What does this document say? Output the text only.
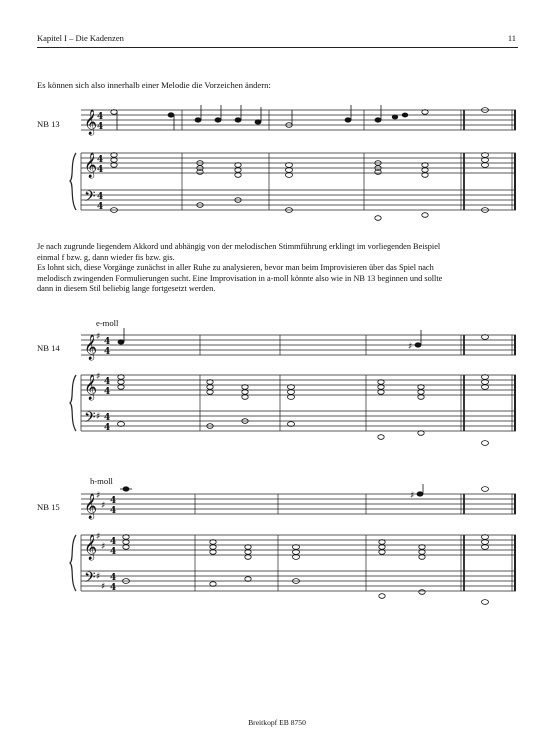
Kapitel I – Die Kadenzen	11
Es können sich also innerhalb einer Melodie die Vorzeichen ändern:
NB 13 𝄞
𝄞
𝄢
4
4
4
4
4
4

Je nach zugrunde liegendem Akkord und abhängig von der melodischen Stimmführung erklingt im vorliegenden Beispiel

einmal f bzw. g, dann wieder fis bzw. gis.

Es lohnt sich, diese Vorgänge zunächst in aller Ruhe zu analysieren, bevor man beim Improvisieren über das Spiel nach

melodisch zwingenden Formulierungen sucht. Eine Improvisation in a-moll könnte also wie in NB 13 beginnen und sollte

dann in diesem Stil beliebig lange fortgesetzt werden.

e-moll
NB 14 𝄞
𝄞
𝄢
♯
♯
♯
4
4
4
4
4
4
♯
h-moll
NB 15 𝄞
𝄞
𝄢
♯
♯
♯
♯
♯
♯
4
4
4
4
4
4
♯
Breitkopf EB 8750
